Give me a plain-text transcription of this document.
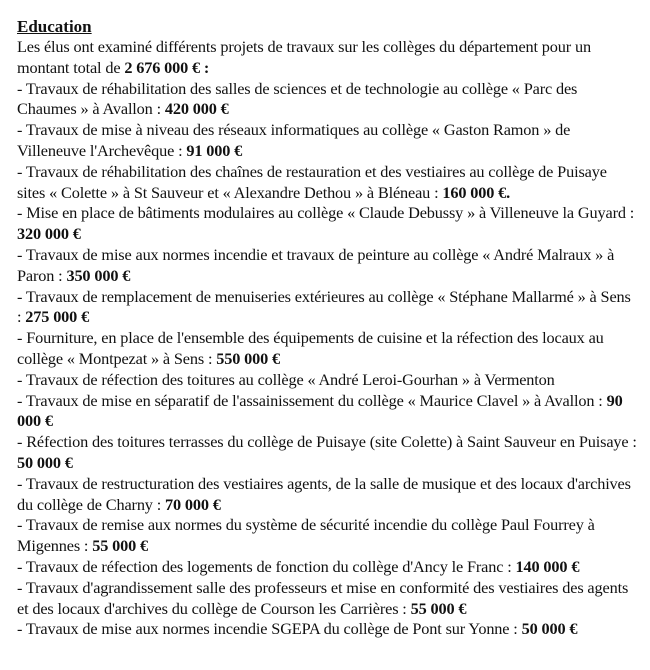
Education

Les élus ont examiné différents projets de travaux sur les collèges du département pour un montant total de 2 676 000 € :

- Travaux de réhabilitation des salles de sciences et de technologie au collège « Parc des Chaumes » à Avallon : 420 000 €

- Travaux de mise à niveau des réseaux informatiques au collège « Gaston Ramon » de Villeneuve l'Archevêque : 91 000 €

- Travaux de réhabilitation des chaînes de restauration et des vestiaires au collège de Puisaye sites « Colette » à St Sauveur et « Alexandre Dethou » à Bléneau : 160 000 €.

- Mise en place de bâtiments modulaires au collège « Claude Debussy » à Villeneuve la Guyard : 320 000 €

- Travaux de mise aux normes incendie et travaux de peinture au collège « André Malraux » à Paron : 350 000 €

- Travaux de remplacement de menuiseries extérieures au collège « Stéphane Mallarmé » à Sens : 275 000 €

- Fourniture, en place de l'ensemble des équipements de cuisine et la réfection des locaux au collège « Montpezat » à Sens : 550 000 €

- Travaux de réfection des toitures au collège « André Leroi-Gourhan » à Vermenton

- Travaux de mise en séparatif de l'assainissement du collège « Maurice Clavel » à Avallon : 90 000 €

- Réfection des toitures terrasses du collège de Puisaye (site Colette) à Saint Sauveur en Puisaye : 50 000 €

- Travaux de restructuration des vestiaires agents, de la salle de musique et des locaux d'archives du collège de Charny : 70 000 €

- Travaux de remise aux normes du système de sécurité incendie du collège Paul Fourrey à Migennes : 55 000 €

- Travaux de réfection des logements de fonction du collège d'Ancy le Franc : 140 000 €

- Travaux d'agrandissement salle des professeurs et mise en conformité des vestiaires des agents et des locaux d'archives du collège de Courson les Carrières : 55 000 €

- Travaux de mise aux normes incendie SGEPA du collège de Pont sur Yonne : 50 000 €
